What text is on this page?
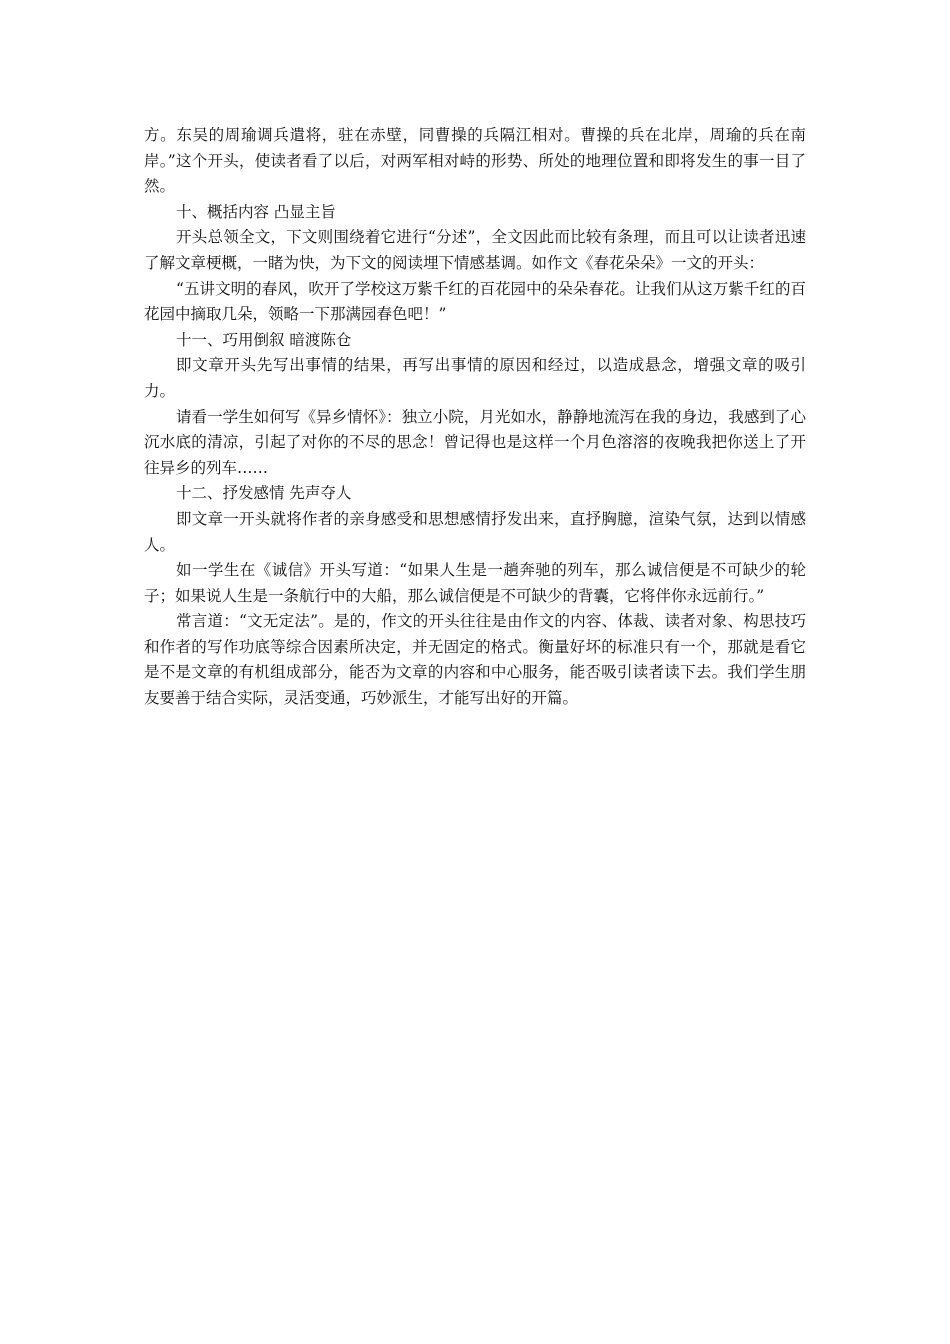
方。东吴的周瑜调兵遣将，驻在赤壁，同曹操的兵隔江相对。曹操的兵在北岸，周瑜的兵在南岸。”这个开头，使读者看了以后，对两军相对峙的形势、所处的地理位置和即将发生的事一目了然。

十、概括内容 凸显主旨

开头总领全文，下文则围绕着它进行“分述”，全文因此而比较有条理，而且可以让读者迅速了解文章梗概，一睹为快，为下文的阅读埋下情感基调。如作文《春花朵朵》一文的开头：

“五讲文明的春风，吹开了学校这万紫千红的百花园中的朵朵春花。让我们从这万紫千红的百花园中摘取几朵，领略一下那满园春色吧！”

十一、巧用倒叙 暗渡陈仓

即文章开头先写出事情的结果，再写出事情的原因和经过，以造成悬念，增强文章的吸引力。

请看一学生如何写《异乡情怀》：独立小院，月光如水，静静地流泻在我的身边，我感到了心沉水底的清凉，引起了对你的不尽的思念！曾记得也是这样一个月色溶溶的夜晚我把你送上了开往异乡的列车……

十二、抒发感情 先声夺人

即文章一开头就将作者的亲身感受和思想感情抒发出来，直抒胸臆，渲染气氛，达到以情感人。

如一学生在《诚信》开头写道：“如果人生是一趟奔驰的列车，那么诚信便是不可缺少的轮子；如果说人生是一条航行中的大船，那么诚信便是不可缺少的背囊，它将伴你永远前行。”

常言道：“文无定法”。是的，作文的开头往往是由作文的内容、体裁、读者对象、构思技巧和作者的写作功底等综合因素所决定，并无固定的格式。衡量好坏的标准只有一个，那就是看它是不是文章的有机组成部分，能否为文章的内容和中心服务，能否吸引读者读下去。我们学生朋友要善于结合实际，灵活变通，巧妙派生，才能写出好的开篇。
